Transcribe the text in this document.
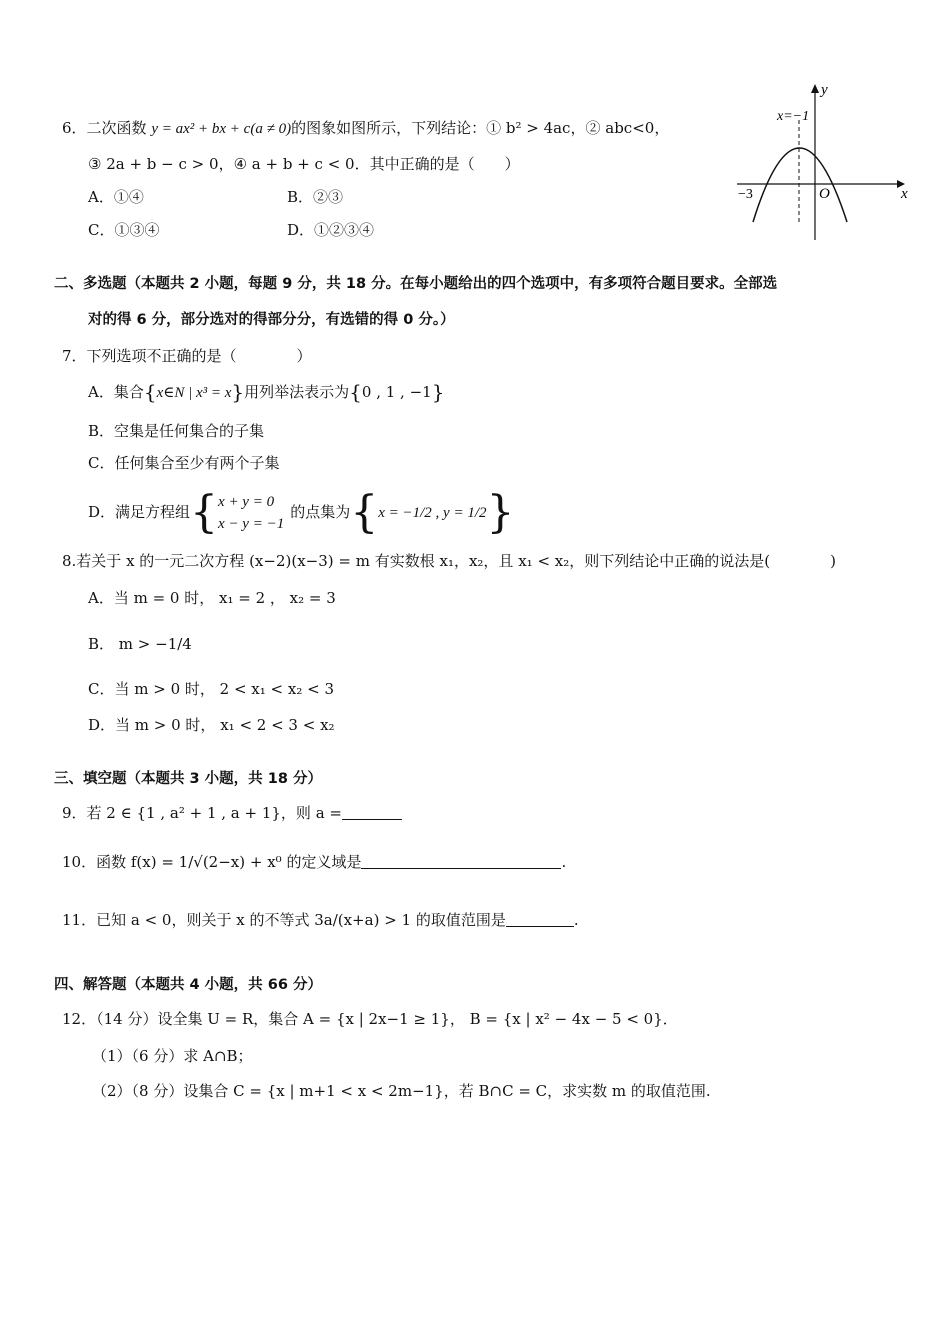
6．二次函数 y = ax² + bx + c(a ≠ 0)的图象如图所示，下列结论：① b² > 4ac，② abc<0，
③ 2a + b − c > 0，④ a + b + c < 0．其中正确的是（　　）
A．①④	B．②③
C．①③④	D．①②③④
x
y
O
x=−1
−3
二、多选题（本题共 2 小题，每题 9 分，共 18 分。在每小题给出的四个选项中，有多项符合题目要求。全部选
对的得 6 分，部分选对的得部分分，有选错的得 0 分。）
7．下列选项不正确的是（　　　　）
A．集合{x∈N | x³ = x}用列举法表示为{0 , 1 , −1}
B．空集是任何集合的子集
C．任何集合至少有两个子集
D．满足方程组{ x + y = 0
x − y = −1
的点集为{x = −1/2 , y = 1/2}
8.若关于 x 的一元二次方程 (x−2)(x−3) = m 有实数根 x₁，x₂，且 x₁ < x₂，则下列结论中正确的说法是(　　　　)
A．当 m = 0 时， x₁ = 2 ， x₂ = 3
B． m > −1/4
C．当 m > 0 时， 2 < x₁ < x₂ < 3
D．当 m > 0 时， x₁ < 2 < 3 < x₂
三、填空题（本题共 3 小题，共 18 分）
9．若 2 ∈ {1 , a² + 1 , a + 1}，则 a =
10．函数 f(x) = 1/√(2−x) + x⁰ 的定义域是	.
11．已知 a < 0，则关于 x 的不等式 3a/(x+a) > 1 的取值范围是	.
四、解答题（本题共 4 小题，共 66 分）
12．（14 分）设全集 U = R，集合 A = {x | 2x−1 ≥ 1}， B = {x | x² − 4x − 5 < 0}．
（1）（6 分）求 A∩B；
（2）（8 分）设集合 C = {x | m+1 < x < 2m−1}，若 B∩C = C，求实数 m 的取值范围.
